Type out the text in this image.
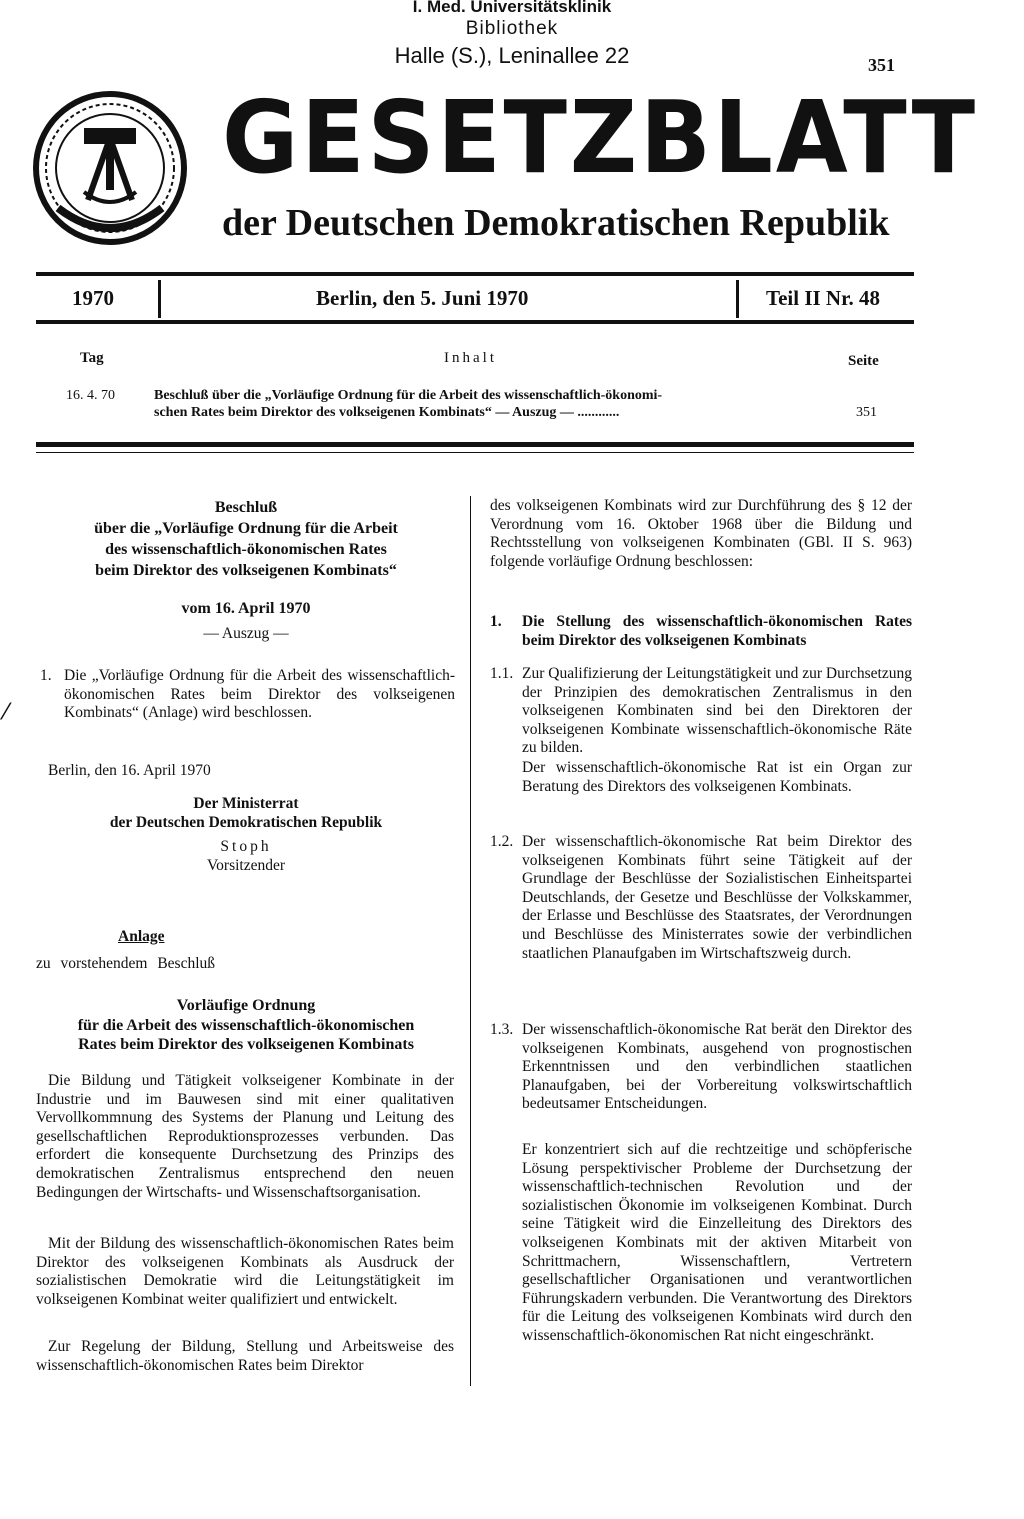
I. Med. Universitätsklinik
Bibliothek
Halle (S.), Leninallee 22	351
GESETZBLATT
der Deutschen Demokratischen Republik
1970	Berlin, den 5. Juni 1970	Teil II Nr. 48
Tag	Inhalt	Seite
16. 4. 70	Beschluß über die „Vorläufige Ordnung für die Arbeit des wissenschaftlich-ökonomi-
schen Rates beim Direktor des volkseigenen Kombinats“ — Auszug — ............	351

Beschluß

über die „Vorläufige Ordnung für die Arbeit

des wissenschaftlich-ökonomischen Rates

beim Direktor des volkseigenen Kombinats“

vom 16. April 1970
— Auszug —
1. Die „Vorläufige Ordnung für die Arbeit des wissenschaftlich-ökonomischen Rates beim Direktor des volkseigenen Kombinats“ (Anlage) wird beschlossen.

⁄
Berlin, den 16. April 1970

Der Ministerrat

der Deutschen Demokratischen Republik

Stoph
Vorsitzender
Anlage
zu vorstehendem Beschluß

Vorläufige Ordnung

für die Arbeit des wissenschaftlich-ökonomischen

Rates beim Direktor des volkseigenen Kombinats

Die Bildung und Tätigkeit volkseigener Kombinate in der Industrie und im Bauwesen sind mit einer qualitativen Vervollkommnung des Systems der Planung und Leitung des gesellschaftlichen Reproduktionsprozesses verbunden. Das erfordert die konsequente Durchsetzung des Prinzips des demokratischen Zentralismus entsprechend den neuen Bedingungen der Wirtschafts- und Wissenschaftsorganisation.

Mit der Bildung des wissenschaftlich-ökonomischen Rates beim Direktor des volkseigenen Kombinats als Ausdruck der sozialistischen Demokratie wird die Leitungstätigkeit im volkseigenen Kombinat weiter qualifiziert und entwickelt.

Zur Regelung der Bildung, Stellung und Arbeitsweise des wissenschaftlich-ökonomischen Rates beim Direktor

des volkseigenen Kombinats wird zur Durchführung des § 12 der Verordnung vom 16. Oktober 1968 über die Bildung und Rechtsstellung von volkseigenen Kombinaten (GBl. II S. 963) folgende vorläufige Ordnung beschlossen:

1. Die Stellung des wissenschaftlich-ökonomischen Rates beim Direktor des volkseigenen Kombinats

1.1. Zur Qualifizierung der Leitungstätigkeit und zur Durchsetzung der Prinzipien des demokratischen Zentralismus in den volkseigenen Kombinaten sind bei den Direktoren der volkseigenen Kombinate wissenschaftlich-ökonomische Räte zu bilden.

Der wissenschaftlich-ökonomische Rat ist ein Organ zur Beratung des Direktors des volkseigenen Kombinats.

1.2. Der wissenschaftlich-ökonomische Rat beim Direktor des volkseigenen Kombinats führt seine Tätigkeit auf der Grundlage der Beschlüsse der Sozialistischen Einheitspartei Deutschlands, der Gesetze und Beschlüsse der Volkskammer, der Erlasse und Beschlüsse des Staatsrates, der Verordnungen und Beschlüsse des Ministerrates sowie der verbindlichen staatlichen Planaufgaben im Wirtschaftszweig durch.

1.3. Der wissenschaftlich-ökonomische Rat berät den Direktor des volkseigenen Kombinats, ausgehend von prognostischen Erkenntnissen und den verbindlichen staatlichen Planaufgaben, bei der Vorbereitung volkswirtschaftlich bedeutsamer Entscheidungen.

Er konzentriert sich auf die rechtzeitige und schöpferische Lösung perspektivischer Probleme der Durchsetzung der wissenschaftlich-technischen Revolution und der sozialistischen Ökonomie im volkseigenen Kombinat. Durch seine Tätigkeit wird die Einzelleitung des Direktors des volkseigenen Kombinats mit der aktiven Mitarbeit von Schrittmachern, Wissenschaftlern, Vertretern gesellschaftlicher Organisationen und verantwortlichen Führungskadern verbunden. Die Verantwortung des Direktors für die Leitung des volkseigenen Kombinats wird durch den wissenschaftlich-ökonomischen Rat nicht eingeschränkt.
